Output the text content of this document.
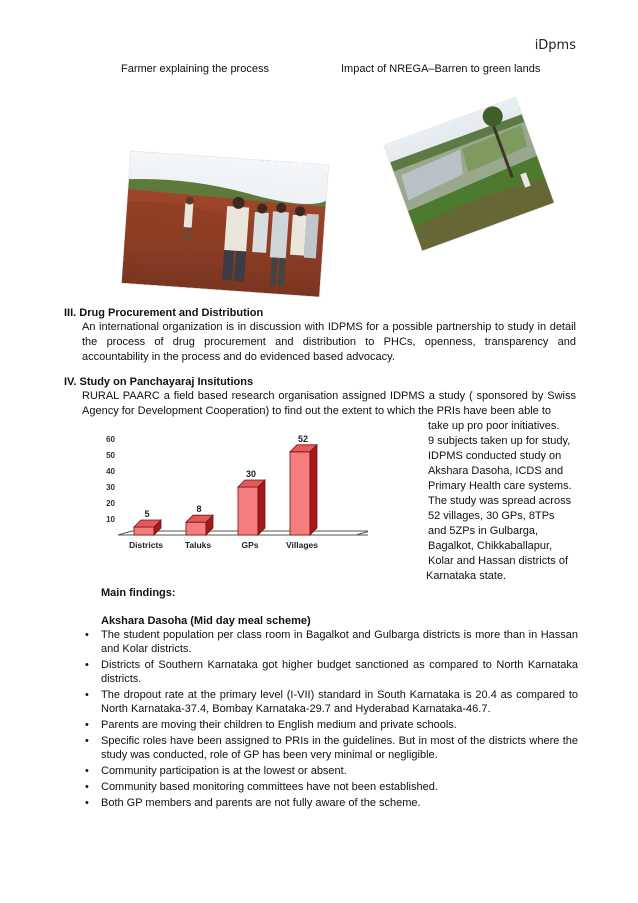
iDpms
Farmer explaining the process	Impact of NREGA–Barren to green lands
III. Drug Procurement and Distribution

An international organization is in discussion with IDPMS for a possible partnership to study in detail the process of drug procurement and distribution to PHCs, openness, transparency and accountability in the process and do evidenced based advocacy.

IV. Study on Panchayaraj Insitutions

RURAL PAARC a field based research organisation assigned IDPMS a study ( sponsored by Swiss Agency for Development Cooperation) to find out the extent to which the PRIs have been able to

take up pro poor initiatives.
9 subjects taken up for study,
IDPMS conducted study on
Akshara Dasoha, ICDS and
Primary Health care systems.
The study was spread across
52 villages, 30 GPs, 8TPs
and 5ZPs in Gulbarga,
Bagalkot, Chikkaballapur,
Kolar and Hassan districts of
Karnataka state.
10
20
30
40
50
60
5
Districts
8
Taluks
30
GPs
52
Villages
Main findings:
Akshara Dasoha (Mid day meal scheme)
• The student population per class room in Bagalkot and Gulbarga districts is more than in Hassan and Kolar districts.
• Districts of Southern Karnataka got higher budget sanctioned as compared to North Karnataka districts.
• The dropout rate at the primary level (I-VII) standard in South Karnataka is 20.4 as compared to North Karnataka-37.4, Bombay Karnataka-29.7 and Hyderabad Karnataka-46.7.
• Parents are moving their children to English medium and private schools.
• Specific roles have been assigned to PRIs in the guidelines. But in most of the districts where the study was conducted, role of GP has been very minimal or negligible.
• Community participation is at the lowest or absent.
• Community based monitoring committees have not been established.
• Both GP members and parents are not fully aware of the scheme.
